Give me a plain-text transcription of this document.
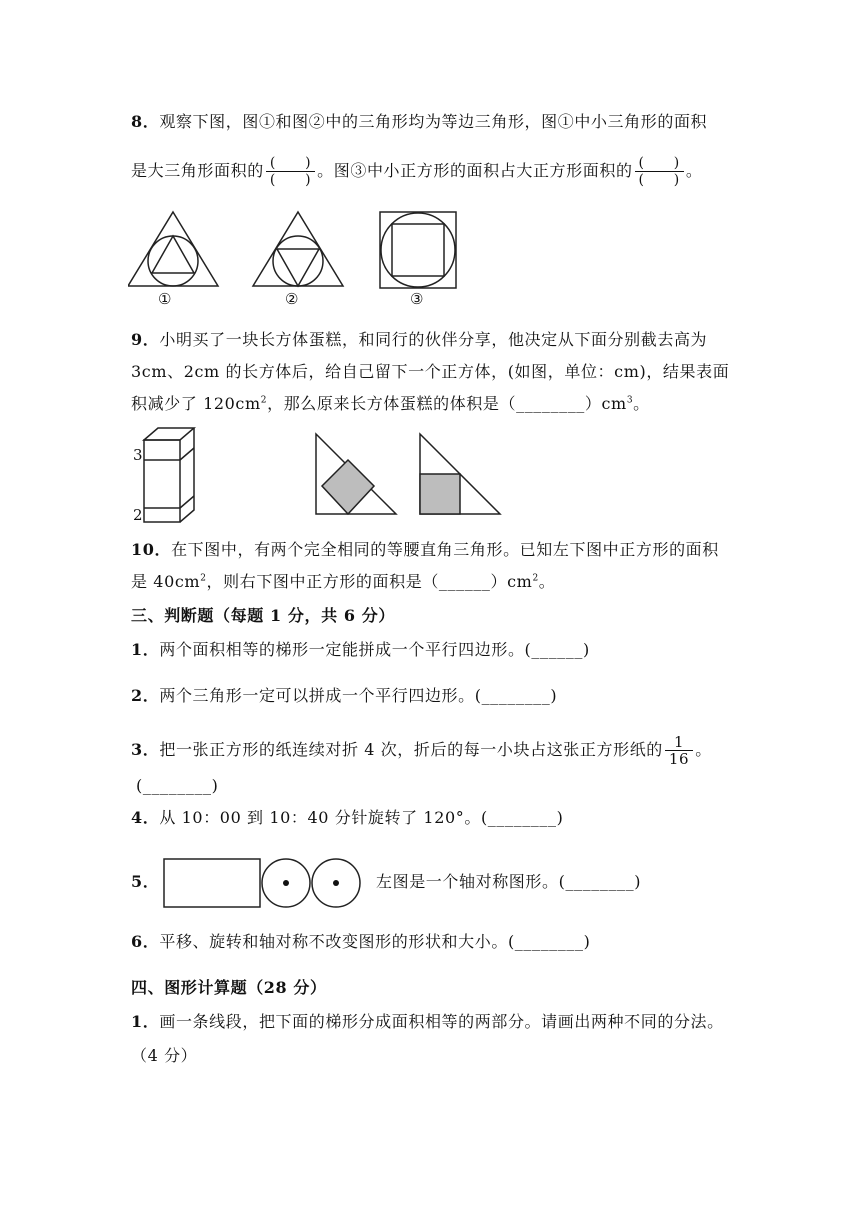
8．观察下图，图①和图②中的三角形均为等边三角形，图①中小三角形的面积
是大三角形面积的 $\frac{( )}{( )}$ 。图③中小正方形的面积占大正方形面积的 $\frac{( )}{( )}$ 。
①	②	③
9．小明买了一块长方体蛋糕，和同行的伙伴分享，他决定从下面分别截去高为
3cm、2cm 的长方体后，给自己留下一个正方体，(如图，单位：cm)，结果表面
积减少了 $120cm^2$，那么原来长方体蛋糕的体积是$(\_\_\_\_\_\_\_\_)cm^3$。
3
2
10．在下图中，有两个完全相同的等腰直角三角形。已知左下图中正方形的面积
是 $40cm^2$，则右下图中正方形的面积是$(\_\_\_\_\_\_)cm^2$。
三、判断题（每题 1 分，共 6 分）
1．两个面积相等的梯形一定能拼成一个平行四边形。(______)
2．两个三角形一定可以拼成一个平行四边形。(________)
3．把一张正方形的纸连续对折 4 次，折后的每一小块占这张正方形纸的 $\frac{1}{16}$ 。
(________)
4．从 10：00 到 10：40 分针旋转了 120°。(________)
5．	左图是一个轴对称图形。(________)
6．平移、旋转和轴对称不改变图形的形状和大小。(________)
四、图形计算题（28 分）
1．画一条线段，把下面的梯形分成面积相等的两部分。请画出两种不同的分法。
（4 分）
